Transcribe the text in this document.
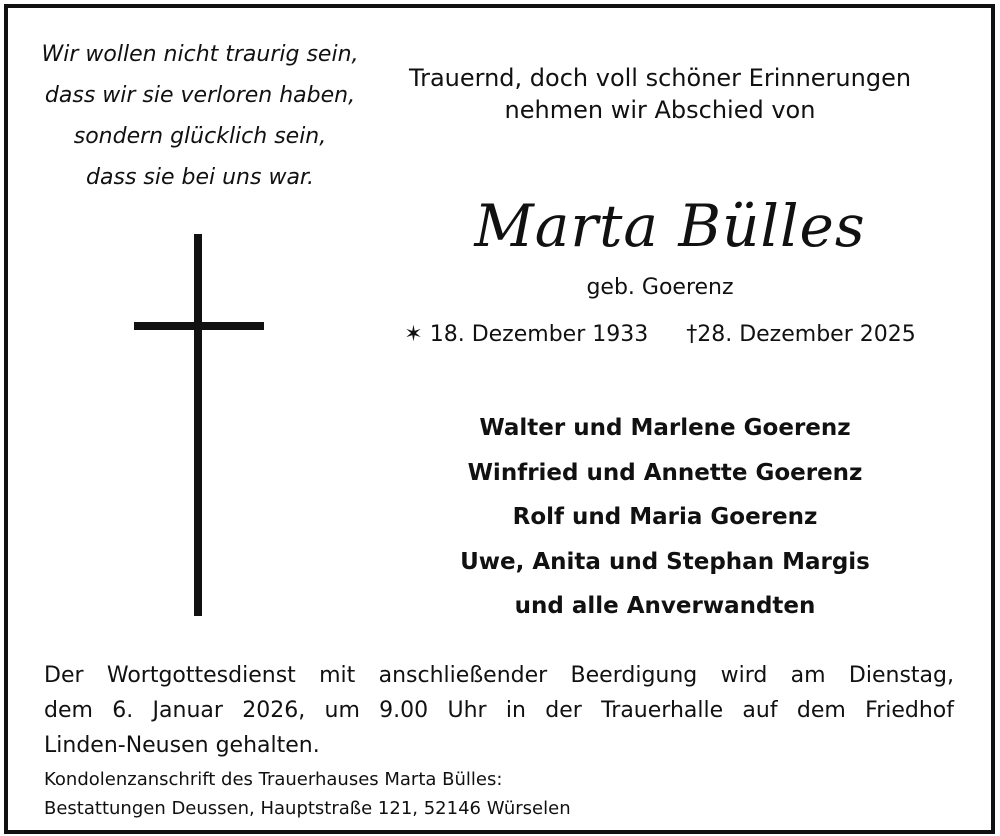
Wir wollen nicht traurig sein,
dass wir sie verloren haben,
sondern glücklich sein,
dass sie bei uns war.
Trauernd, doch voll schöner Erinnerungen
nehmen wir Abschied von
Marta Bülles
geb. Goerenz
✶ 18. Dezember 1933 †28. Dezember 2025
Walter und Marlene Goerenz
Winfried und Annette Goerenz
Rolf und Maria Goerenz
Uwe, Anita und Stephan Margis
und alle Anverwandten
Der Wortgottesdienst mit anschließender Beerdigung wird am Dienstag,
dem 6. Januar 2026, um 9.00 Uhr in der Trauerhalle auf dem Friedhof
Linden-Neusen gehalten.
Kondolenzanschrift des Trauerhauses Marta Bülles:
Bestattungen Deussen, Hauptstraße 121, 52146 Würselen
